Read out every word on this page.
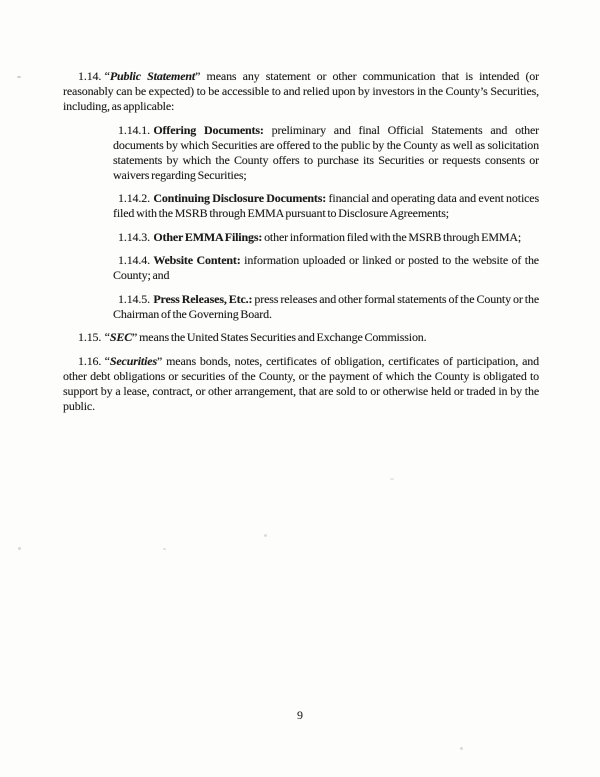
1.14. “Public Statement” means any statement or other communication that is intended (or reasonably can be expected) to be accessible to and relied upon by investors in the County’s Securities, including, as applicable:

1.14.1. Offering Documents: preliminary and final Official Statements and other documents by which Securities are offered to the public by the County as well as solicitation statements by which the County offers to purchase its Securities or requests consents or waivers regarding Securities;

1.14.2. Continuing Disclosure Documents: financial and operating data and event notices filed with the MSRB through EMMA pursuant to Disclosure Agreements;

1.14.3. Other EMMA Filings: other information filed with the MSRB through EMMA;

1.14.4. Website Content: information uploaded or linked or posted to the website of the County; and

1.14.5. Press Releases, Etc.: press releases and other formal statements of the County or the Chairman of the Governing Board.

1.15. “SEC” means the United States Securities and Exchange Commission.

1.16. “Securities” means bonds, notes, certificates of obligation, certificates of participation, and other debt obligations or securities of the County, or the payment of which the County is obligated to support by a lease, contract, or other arrangement, that are sold to or otherwise held or traded in by the public.

9
